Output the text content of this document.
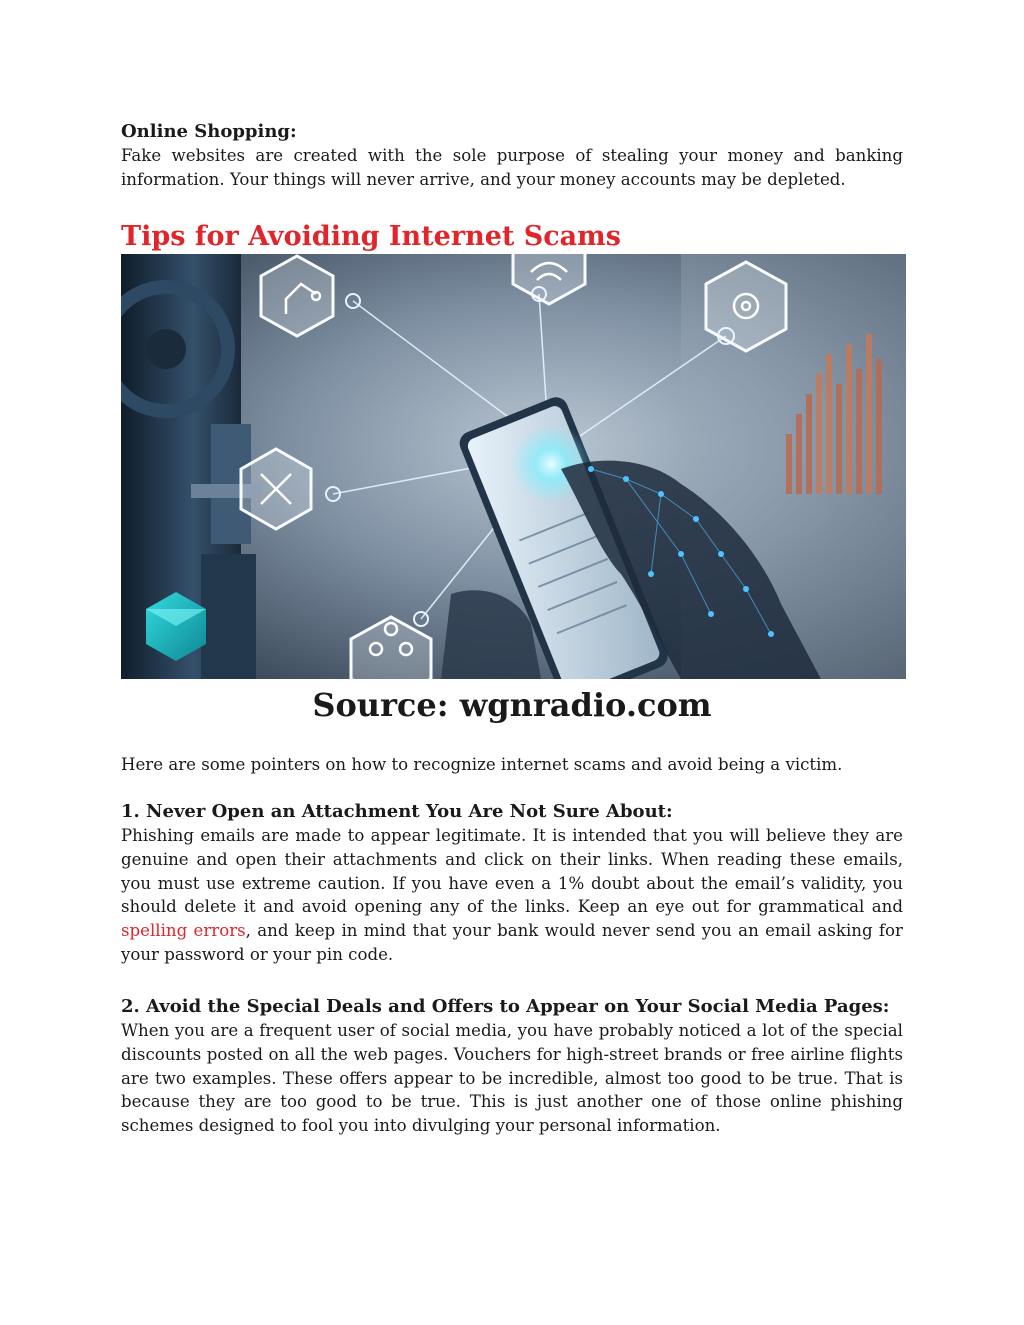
Online Shopping:

Fake websites are created with the sole purpose of stealing your money and banking information. Your things will never arrive, and your money accounts may be depleted.

Tips for Avoiding Internet Scams

Source: wgnradio.com

Here are some pointers on how to recognize internet scams and avoid being a victim.

1. Never Open an Attachment You Are Not Sure About:

Phishing emails are made to appear legitimate. It is intended that you will believe they are genuine and open their attachments and click on their links. When reading these emails, you must use extreme caution. If you have even a 1% doubt about the email’s validity, you should delete it and avoid opening any of the links. Keep an eye out for grammatical and spelling errors, and keep in mind that your bank would never send you an email asking for your password or your pin code.

2. Avoid the Special Deals and Offers to Appear on Your Social Media Pages:

When you are a frequent user of social media, you have probably noticed a lot of the special discounts posted on all the web pages. Vouchers for high-street brands or free airline flights are two examples. These offers appear to be incredible, almost too good to be true. That is because they are too good to be true. This is just another one of those online phishing schemes designed to fool you into divulging your personal information.
